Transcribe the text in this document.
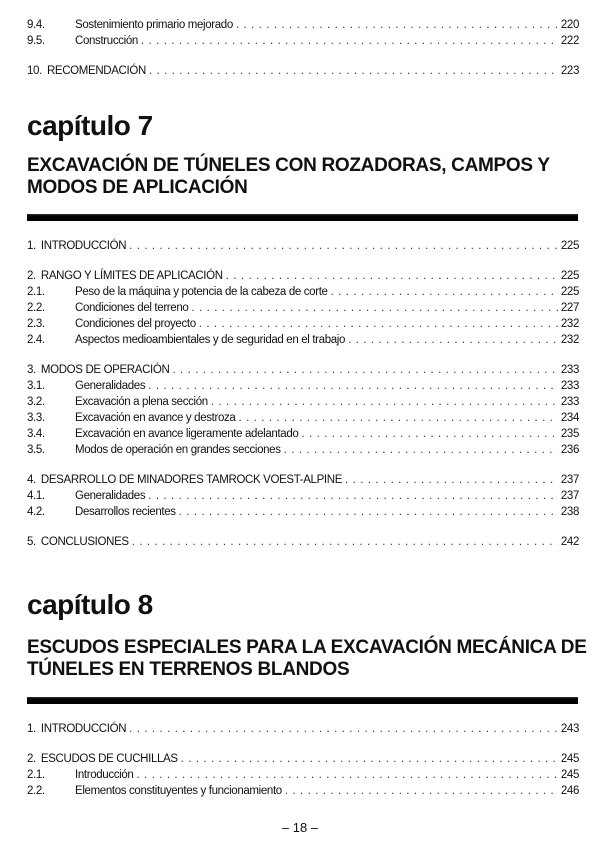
9.4.	Sostenimiento primario mejorado . . .	220
9.5.	Construcción . . .	222
10. RECOMENDACIÓN . . .	223
capítulo 7
EXCAVACIÓN DE TÚNELES CON ROZADORAS, CAMPOS Y
MODOS DE APLICACIÓN
1. INTRODUCCIÓN . . .	225
2. RANGO Y LÍMITES DE APLICACIÓN . . .	225
2.1.	Peso de la máquina y potencia de la cabeza de corte . . .	225
2.2.	Condiciones del terreno . . .	227
2.3.	Condiciones del proyecto . . .	232
2.4.	Aspectos medioambientales y de seguridad en el trabajo . . .	232
3. MODOS DE OPERACIÓN . . .	233
3.1.	Generalidades . . .	233
3.2.	Excavación a plena sección . . .	233
3.3.	Excavación en avance y destroza . . .	234
3.4.	Excavación en avance ligeramente adelantado . . .	235
3.5.	Modos de operación en grandes secciones . . .	236
4. DESARROLLO DE MINADORES TAMROCK VOEST-ALPINE . . .	237
4.1.	Generalidades . . .	237
4.2.	Desarrollos recientes . . .	238
5. CONCLUSIONES . . .	242
capítulo 8
ESCUDOS ESPECIALES PARA LA EXCAVACIÓN MECÁNICA DE
TÚNELES EN TERRENOS BLANDOS
1. INTRODUCCIÓN . . .	243
2. ESCUDOS DE CUCHILLAS . . .	245
2.1.	Introducción . . .	245
2.2.	Elementos constituyentes y funcionamiento . . .	246
– 18 –
